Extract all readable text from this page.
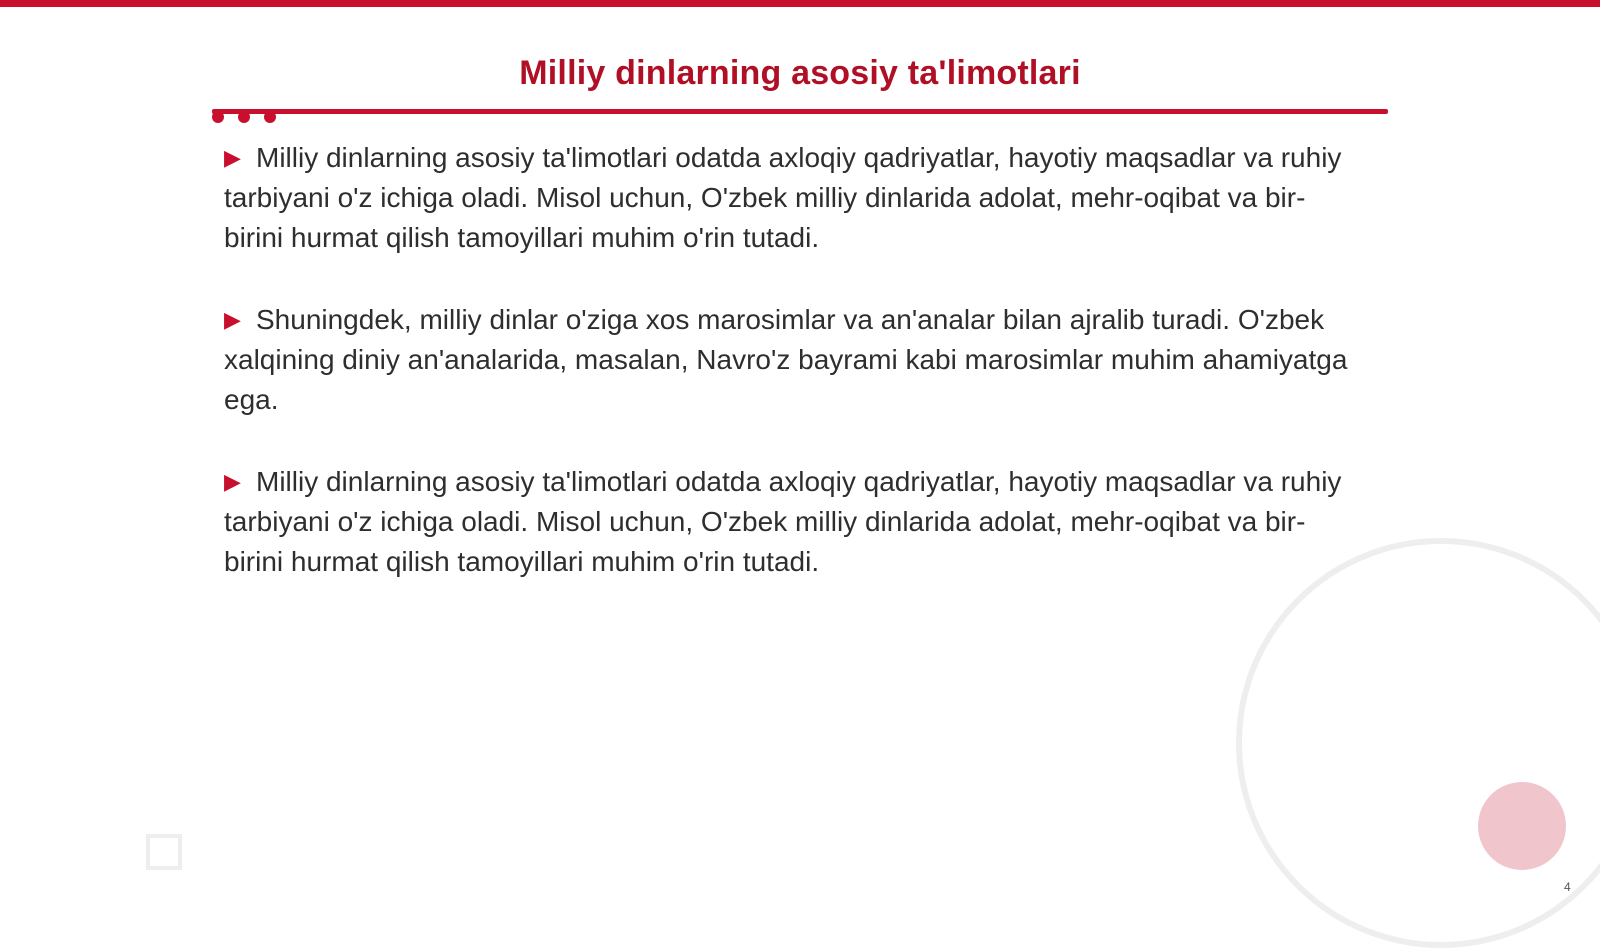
Milliy dinlarning asosiy ta'limotlari

▶ Milliy dinlarning asosiy ta'limotlari odatda axloqiy qadriyatlar, hayotiy maqsadlar va ruhiy tarbiyani o'z ichiga oladi. Misol uchun, O'zbek milliy dinlarida adolat, mehr-oqibat va bir-birini hurmat qilish tamoyillari muhim o'rin tutadi.

▶ Shuningdek, milliy dinlar o'ziga xos marosimlar va an'analar bilan ajralib turadi. O'zbek xalqining diniy an'analarida, masalan, Navro'z bayrami kabi marosimlar muhim ahamiyatga ega.

▶ Milliy dinlarning asosiy ta'limotlari odatda axloqiy qadriyatlar, hayotiy maqsadlar va ruhiy tarbiyani o'z ichiga oladi. Misol uchun, O'zbek milliy dinlarida adolat, mehr-oqibat va bir-birini hurmat qilish tamoyillari muhim o'rin tutadi.

4
